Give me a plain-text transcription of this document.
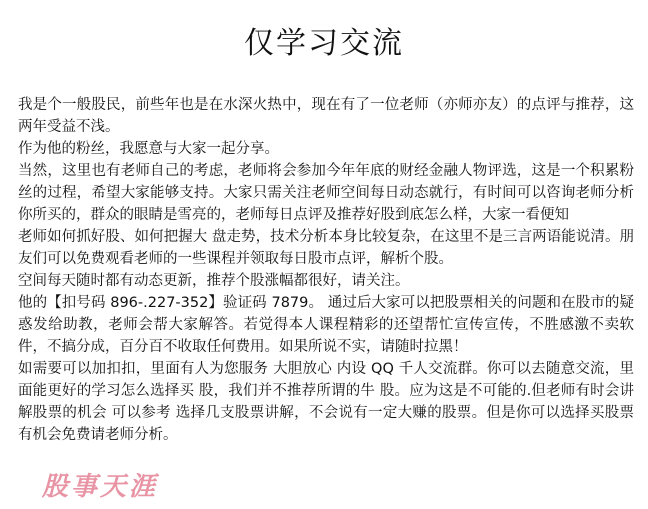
仅学习交流

我是个一般股民，前些年也是在水深火热中，现在有了一位老师（亦师亦友）的点评与推荐，这两年受益不浅。

作为他的粉丝，我愿意与大家一起分享。

当然，这里也有老师自己的考虑，老师将会参加今年年底的财经金融人物评选，这是一个积累粉丝的过程，希望大家能够支持。大家只需关注老师空间每日动态就行，有时间可以咨询老师分析你所买的，群众的眼睛是雪亮的，老师每日点评及推荐好股到底怎么样，大家一看便知

老师如何抓好股、如何把握大 盘走势，技术分析本身比较复杂，在这里不是三言两语能说清。朋友们可以免费观看老师的一些课程并领取每日股市点评，解析个股。

空间每天随时都有动态更新，推荐个股涨幅都很好，请关注。

他的【扣号码 896-.227-352】验证码 7879。 通过后大家可以把股票相关的问题和在股市的疑惑发给助教，老师会帮大家解答。若觉得本人课程精彩的还望帮忙宣传宣传，不胜感激不卖软件，不搞分成，百分百不收取任何费用。如果所说不实，请随时拉黑！

如需要可以加扣扣，里面有人为您服务 大胆放心 内设 QQ 千人交流群。你可以去随意交流，里面能更好的学习怎么选择买 股，我们并不推荐所谓的牛 股。应为这是不可能的.但老师有时会讲解股票的机会 可以参考 选择几支股票讲解，不会说有一定大赚的股票。但是你可以选择买股票有机会免费请老师分析。

股事天涯
